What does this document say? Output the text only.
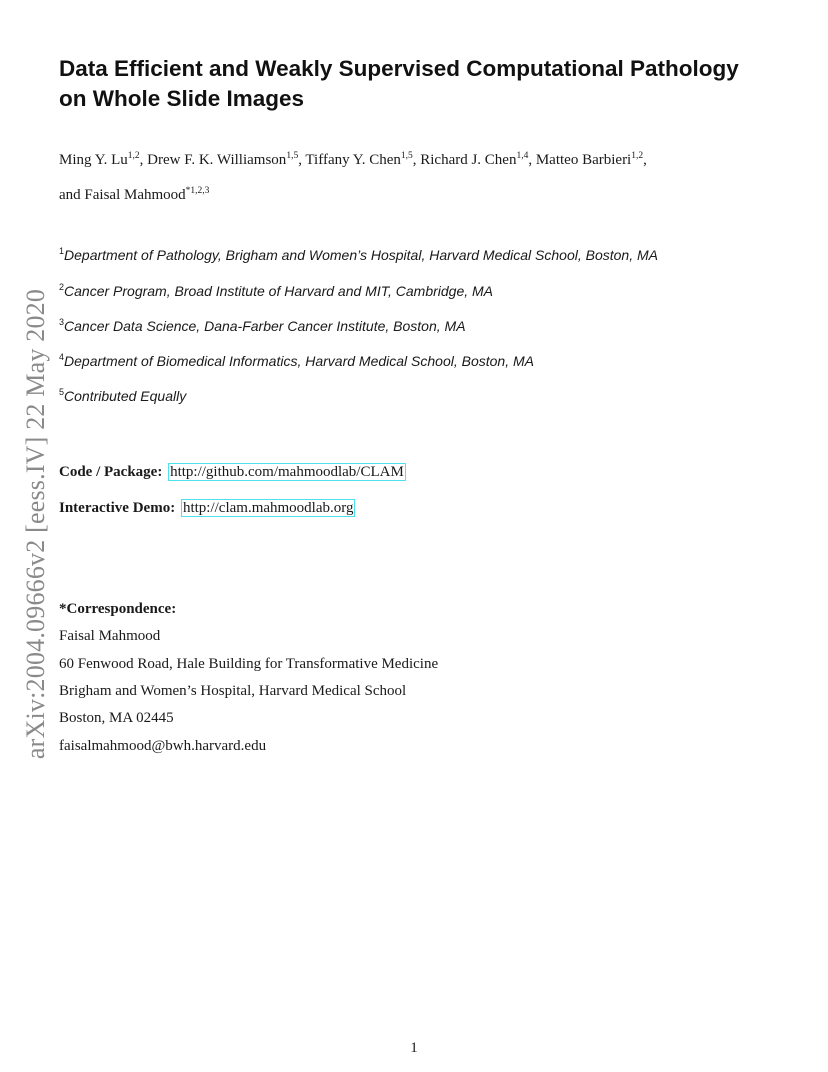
arXiv:2004.09666v2 [eess.IV] 22 May 2020
Data Efficient and Weakly Supervised Computational Pathology
on Whole Slide Images
Ming Y. Lu$^{1,2}$, Drew F. K. Williamson$^{1,5}$, Tiffany Y. Chen$^{1,5}$, Richard J. Chen$^{1,4}$, Matteo Barbieri$^{1,2}$,
and Faisal Mahmood$^{*1,2,3}$
$^1$Department of Pathology, Brigham and Women’s Hospital, Harvard Medical School, Boston, MA
$^2$Cancer Program, Broad Institute of Harvard and MIT, Cambridge, MA
$^3$Cancer Data Science, Dana-Farber Cancer Institute, Boston, MA
$^4$Department of Biomedical Informatics, Harvard Medical School, Boston, MA
$^5$Contributed Equally
Code / Package: http://github.com/mahmoodlab/CLAM
Interactive Demo: http://clam.mahmoodlab.org
*Correspondence:
Faisal Mahmood
60 Fenwood Road, Hale Building for Transformative Medicine
Brigham and Women’s Hospital, Harvard Medical School
Boston, MA 02445
faisalmahmood@bwh.harvard.edu
1
